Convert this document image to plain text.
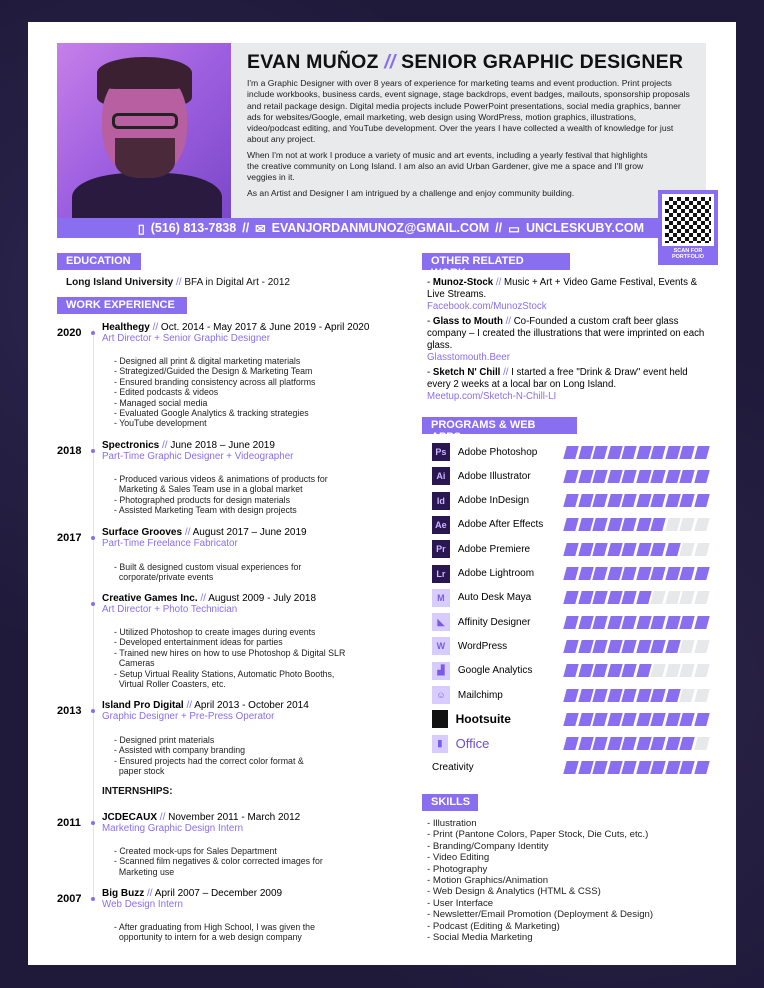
EVAN MUÑOZ // SENIOR GRAPHIC DESIGNER

I'm a Graphic Designer with over 8 years of experience for marketing teams and event production. Print projects include workbooks, business cards, event signage, stage backdrops, event badges, mailouts, sponsorship proposals and retail package design. Digital media projects include PowerPoint presentations, social media graphics, banner ads for websites/Google, email marketing, web design using WordPress, motion graphics, illustrations, video/podcast editing, and YouTube development. Over the years I have collected a wealth of knowledge for just about any project.

When I'm not at work I produce a variety of music and art events, including a yearly festival that highlights the creative community on Long Island. I am also an avid Urban Gardener, give me a space and I'll grow veggies in it.

As an Artist and Designer I am intrigued by a challenge and enjoy community building.

▯ (516) 813-7838 // ✉ EVANJORDANMUNOZ@GMAIL.COM // ▭ UNCLESKUBY.COM
SCAN FOR PORTFOLIO
EDUCATION
Long Island University // BFA in Digital Art - 2012
WORK EXPERIENCE
2020 Healthegy // Oct. 2014 - May 2017 & June 2019 - April 2020
Art Director + Senior Graphic Designer
- Designed all print & digital marketing materials
- Strategized/Guided the Design & Marketing Team
- Ensured branding consistency across all platforms
- Edited podcasts & videos
- Managed social media
- Evaluated Google Analytics & tracking strategies
- YouTube development
2018 Spectronics // June 2018 – June 2019
Part-Time Graphic Designer + Videographer
- Produced various videos & animations of products for
Marketing & Sales Team use in a global market
- Photographed products for design materials
- Assisted Marketing Team with design projects
2017 Surface Grooves // August 2017 – June 2019
Part-Time Freelance Fabricator
- Built & designed custom visual experiences for
corporate/private events
Creative Games Inc. // August 2009 - July 2018
Art Director + Photo Technician
- Utilized Photoshop to create images during events
- Developed entertainment ideas for parties
- Trained new hires on how to use Photoshop & Digital SLR
Cameras
- Setup Virtual Reality Stations, Automatic Photo Booths,
Virtual Roller Coasters, etc.
2013 Island Pro Digital // April 2013 - October 2014
Graphic Designer + Pre-Press Operator
- Designed print materials
- Assisted with company branding
- Ensured projects had the correct color format &
paper stock
2011 JCDECAUX // November 2011 - March 2012
Marketing Graphic Design Intern
- Created mock-ups for Sales Department
- Scanned film negatives & color corrected images for
Marketing use
2007 Big Buzz // April 2007 – December 2009
Web Design Intern
- After graduating from High School, I was given the
opportunity to intern for a web design company
INTERNSHIPS:
OTHER RELATED WORK
- Munoz-Stock // Music + Art + Video Game Festival, Events & Live Streams.
Facebook.com/MunozStock
- Glass to Mouth // Co-Founded a custom craft beer glass company – I created the illustrations that were imprinted on each glass.
Glasstomouth.Beer
- Sketch N' Chill // I started a free "Drink & Draw" event held every 2 weeks at a local bar on Long Island.
Meetup.com/Sketch-N-Chill-LI
PROGRAMS & WEB APPS
Ps	Adobe Photoshop
Ai	Adobe Illustrator
Id	Adobe InDesign
Ae	Adobe After Effects
Pr	Adobe Premiere
Lr	Adobe Lightroom
M	Auto Desk Maya
◣	Affinity Designer
W	WordPress
▟	Google Analytics
☺	Mailchimp
Hootsuite
▮	Office
Creativity
SKILLS
- Illustration
- Print (Pantone Colors, Paper Stock, Die Cuts, etc.)
- Branding/Company Identity
- Video Editing
- Photography
- Motion Graphics/Animation
- Web Design & Analytics (HTML & CSS)
- User Interface
- Newsletter/Email Promotion (Deployment & Design)
- Podcast (Editing & Marketing)
- Social Media Marketing
